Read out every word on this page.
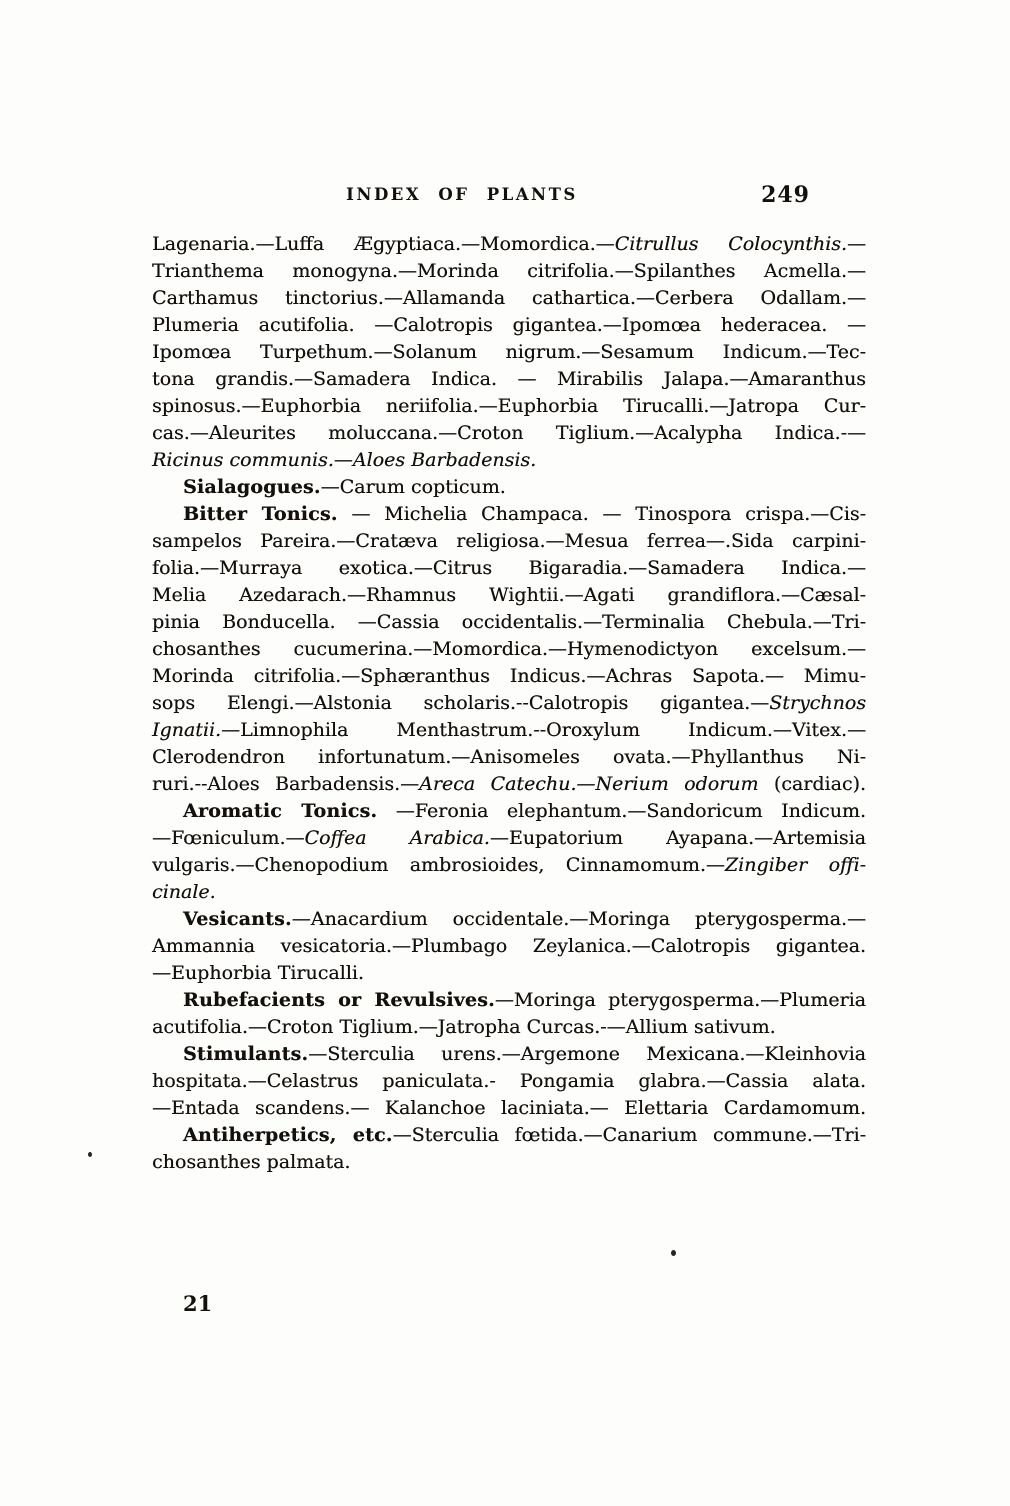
INDEX OF PLANTS	249
Lagenaria.—Luffa Ægyptiaca.—Momordica.—Citrullus Colocynthis.—
Trianthema monogyna.—Morinda citrifolia.—Spilanthes Acmella.—
Carthamus tinctorius.—Allamanda cathartica.—Cerbera Odallam.—
Plumeria acutifolia. —Calotropis gigantea.—Ipomœa hederacea. —
Ipomœa Turpethum.—Solanum nigrum.—Sesamum Indicum.—Tec-
tona grandis.—Samadera Indica. — Mirabilis Jalapa.—Amaranthus
spinosus.—Euphorbia neriifolia.—Euphorbia Tirucalli.—Jatropa Cur-
cas.—Aleurites moluccana.—Croton Tiglium.—Acalypha Indica.-—
Ricinus communis.—Aloes Barbadensis.
Sialagogues.—Carum copticum.
Bitter Tonics. — Michelia Champaca. — Tinospora crispa.—Cis-
sampelos Pareira.—Cratæva religiosa.—Mesua ferrea—.Sida carpini-
folia.—Murraya exotica.—Citrus Bigaradia.—Samadera Indica.—
Melia Azedarach.—Rhamnus Wightii.—Agati grandiflora.—Cæsal-
pinia Bonducella. —Cassia occidentalis.—Terminalia Chebula.—Tri-
chosanthes cucumerina.—Momordica.—Hymenodictyon excelsum.—
Morinda citrifolia.—Sphæranthus Indicus.—Achras Sapota.— Mimu-
sops Elengi.—Alstonia scholaris.--Calotropis gigantea.—Strychnos
Ignatii.—Limnophila Menthastrum.--Oroxylum Indicum.—Vitex.—
Clerodendron infortunatum.—Anisomeles ovata.—Phyllanthus Ni-
ruri.--Aloes Barbadensis.—Areca Catechu.—Nerium odorum (cardiac).
Aromatic Tonics. —Feronia elephantum.—Sandoricum Indicum.
—Fœniculum.—Coffea Arabica.—Eupatorium Ayapana.—Artemisia
vulgaris.—Chenopodium ambrosioides, Cinnamomum.—Zingiber offi-
cinale.
Vesicants.—Anacardium occidentale.—Moringa pterygosperma.—
Ammannia vesicatoria.—Plumbago Zeylanica.—Calotropis gigantea.
—Euphorbia Tirucalli.
Rubefacients or Revulsives.—Moringa pterygosperma.—Plumeria
acutifolia.—Croton Tiglium.—Jatropha Curcas.-—Allium sativum.
Stimulants.—Sterculia urens.—Argemone Mexicana.—Kleinhovia
hospitata.—Celastrus paniculata.- Pongamia glabra.—Cassia alata.
—Entada scandens.— Kalanchoe laciniata.— Elettaria Cardamomum.
Antiherpetics, etc.—Sterculia fœtida.—Canarium commune.—Tri-
chosanthes palmata.
21
